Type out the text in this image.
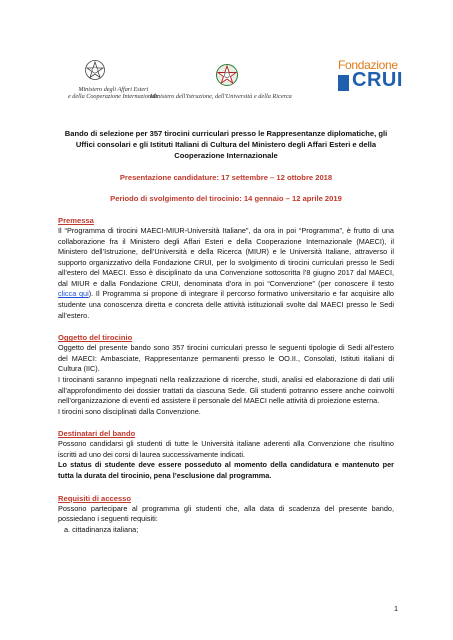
Ministero degli Affari Esteri
e della Cooperazione Internazionale
Ministero dell'Istruzione, dell'Università e della Ricerca
Fondazione
CRUI

Bando di selezione per 357 tirocini curriculari presso le Rappresentanze diplomatiche, gli Uffici consolari e gli Istituti Italiani di Cultura del Ministero degli Affari Esteri e della Cooperazione Internazionale

Presentazione candidature: 17 settembre – 12 ottobre 2018

Periodo di svolgimento del tirocinio: 14 gennaio – 12 aprile 2019

Premessa

Il “Programma di tirocini MAECI-MIUR-Università Italiane”, da ora in poi “Programma”, è frutto di una collaborazione fra il Ministero degli Affari Esteri e della Cooperazione Internazionale (MAECI), il Ministero dell’Istruzione, dell’Università e della Ricerca (MIUR) e le Università Italiane, attraverso il supporto organizzativo della Fondazione CRUI, per lo svolgimento di tirocini curriculari presso le Sedi all’estero del MAECI. Esso è disciplinato da una Convenzione sottoscritta l’8 giugno 2017 dal MAECI, dal MIUR e dalla Fondazione CRUI, denominata d’ora in poi “Convenzione” (per conoscere il testo clicca qui). Il Programma si propone di integrare il percorso formativo universitario e far acquisire allo studente una conoscenza diretta e concreta delle attività istituzionali svolte dal MAECI presso le Sedi all’estero.

Oggetto del tirocinio

Oggetto del presente bando sono 357 tirocini curriculari presso le seguenti tipologie di Sedi all’estero del MAECI: Ambasciate, Rappresentanze permanenti presso le OO.II., Consolati, Istituti italiani di Cultura (IIC).

I tirocinanti saranno impegnati nella realizzazione di ricerche, studi, analisi ed elaborazione di dati utili all’approfondimento dei dossier trattati da ciascuna Sede. Gli studenti potranno essere anche coinvolti nell’organizzazione di eventi ed assistere il personale del MAECI nelle attività di proiezione esterna.

I tirocini sono disciplinati dalla Convenzione.

Destinatari del bando

Possono candidarsi gli studenti di tutte le Università italiane aderenti alla Convenzione che risultino iscritti ad uno dei corsi di laurea successivamente indicati.

Lo status di studente deve essere posseduto al momento della candidatura e mantenuto per tutta la durata del tirocinio, pena l’esclusione dal programma.

Requisiti di accesso

Possono partecipare al programma gli studenti che, alla data di scadenza del presente bando, possiedano i seguenti requisiti:

a. cittadinanza italiana;
1
